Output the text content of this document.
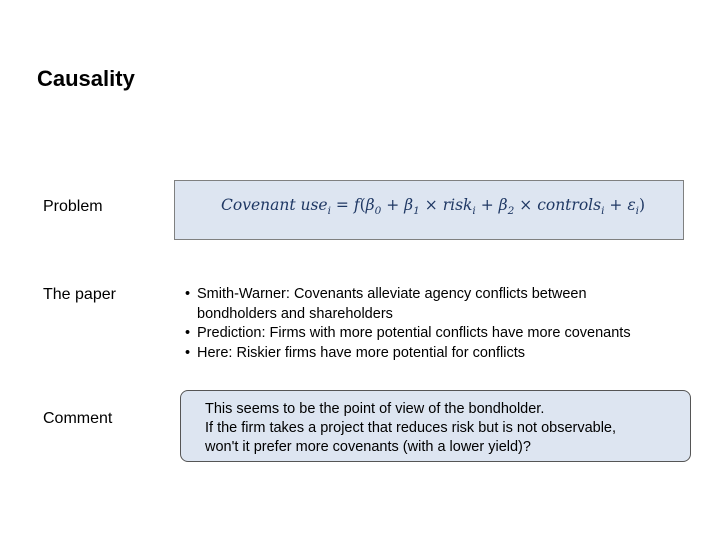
Causality
Problem	Covenant $use_i = f(\beta_0 + \beta_1$ × risk$_i$ + $\beta_2$ × controls$_i$ + $\varepsilon_i$)
The paper	• Smith-Warner: Covenants alleviate agency conflicts between
bondholders and shareholders
• Prediction: Firms with more potential conflicts have more covenants
• Here: Riskier firms have more potential for conflicts
Comment
This seems to be the point of view of the bondholder.
If the firm takes a project that reduces risk but is not observable,
won't it prefer more covenants (with a lower yield)?
